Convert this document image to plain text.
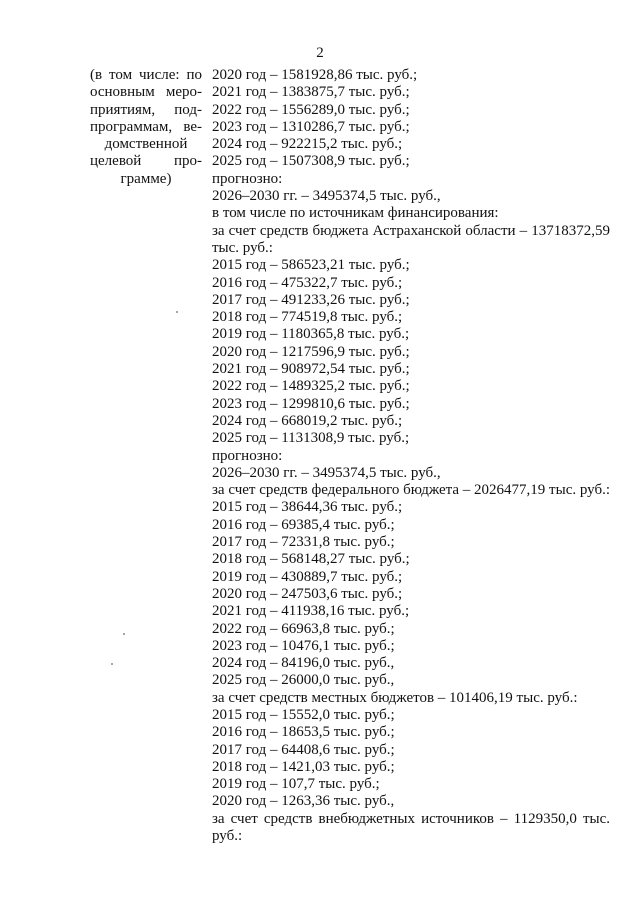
2
(в том числе: по
основным меро-
приятиям, под-
программам, ве-
домственной
целевой про-
грамме)
2020 год – 1581928,86 тыс. руб.;
2021 год – 1383875,7 тыс. руб.;
2022 год – 1556289,0 тыс. руб.;
2023 год – 1310286,7 тыс. руб.;
2024 год – 922215,2 тыс. руб.;
2025 год – 1507308,9 тыс. руб.;
прогнозно:
2026–2030 гг. – 3495374,5 тыс. руб.,
в том числе по источникам финансирования:
за счет средств бюджета Астраханской области – 13718372,59
тыс. руб.:
2015 год – 586523,21 тыс. руб.;
2016 год – 475322,7 тыс. руб.;
2017 год – 491233,26 тыс. руб.;
2018 год – 774519,8 тыс. руб.;
2019 год – 1180365,8 тыс. руб.;
2020 год – 1217596,9 тыс. руб.;
2021 год – 908972,54 тыс. руб.;
2022 год – 1489325,2 тыс. руб.;
2023 год – 1299810,6 тыс. руб.;
2024 год – 668019,2 тыс. руб.;
2025 год – 1131308,9 тыс. руб.;
прогнозно:
2026–2030 гг. – 3495374,5 тыс. руб.,
за счет средств федерального бюджета – 2026477,19 тыс. руб.:
2015 год – 38644,36 тыс. руб.;
2016 год – 69385,4 тыс. руб.;
2017 год – 72331,8 тыс. руб.;
2018 год – 568148,27 тыс. руб.;
2019 год – 430889,7 тыс. руб.;
2020 год – 247503,6 тыс. руб.;
2021 год – 411938,16 тыс. руб.;
2022 год – 66963,8 тыс. руб.;
2023 год – 10476,1 тыс. руб.;
2024 год – 84196,0 тыс. руб.,
2025 год – 26000,0 тыс. руб.,
за счет средств местных бюджетов – 101406,19 тыс. руб.:
2015 год – 15552,0 тыс. руб.;
2016 год – 18653,5 тыс. руб.;
2017 год – 64408,6 тыс. руб.;
2018 год – 1421,03 тыс. руб.;
2019 год – 107,7 тыс. руб.;
2020 год – 1263,36 тыс. руб.,
за счет средств внебюджетных источников – 1129350,0 тыс.
руб.:
